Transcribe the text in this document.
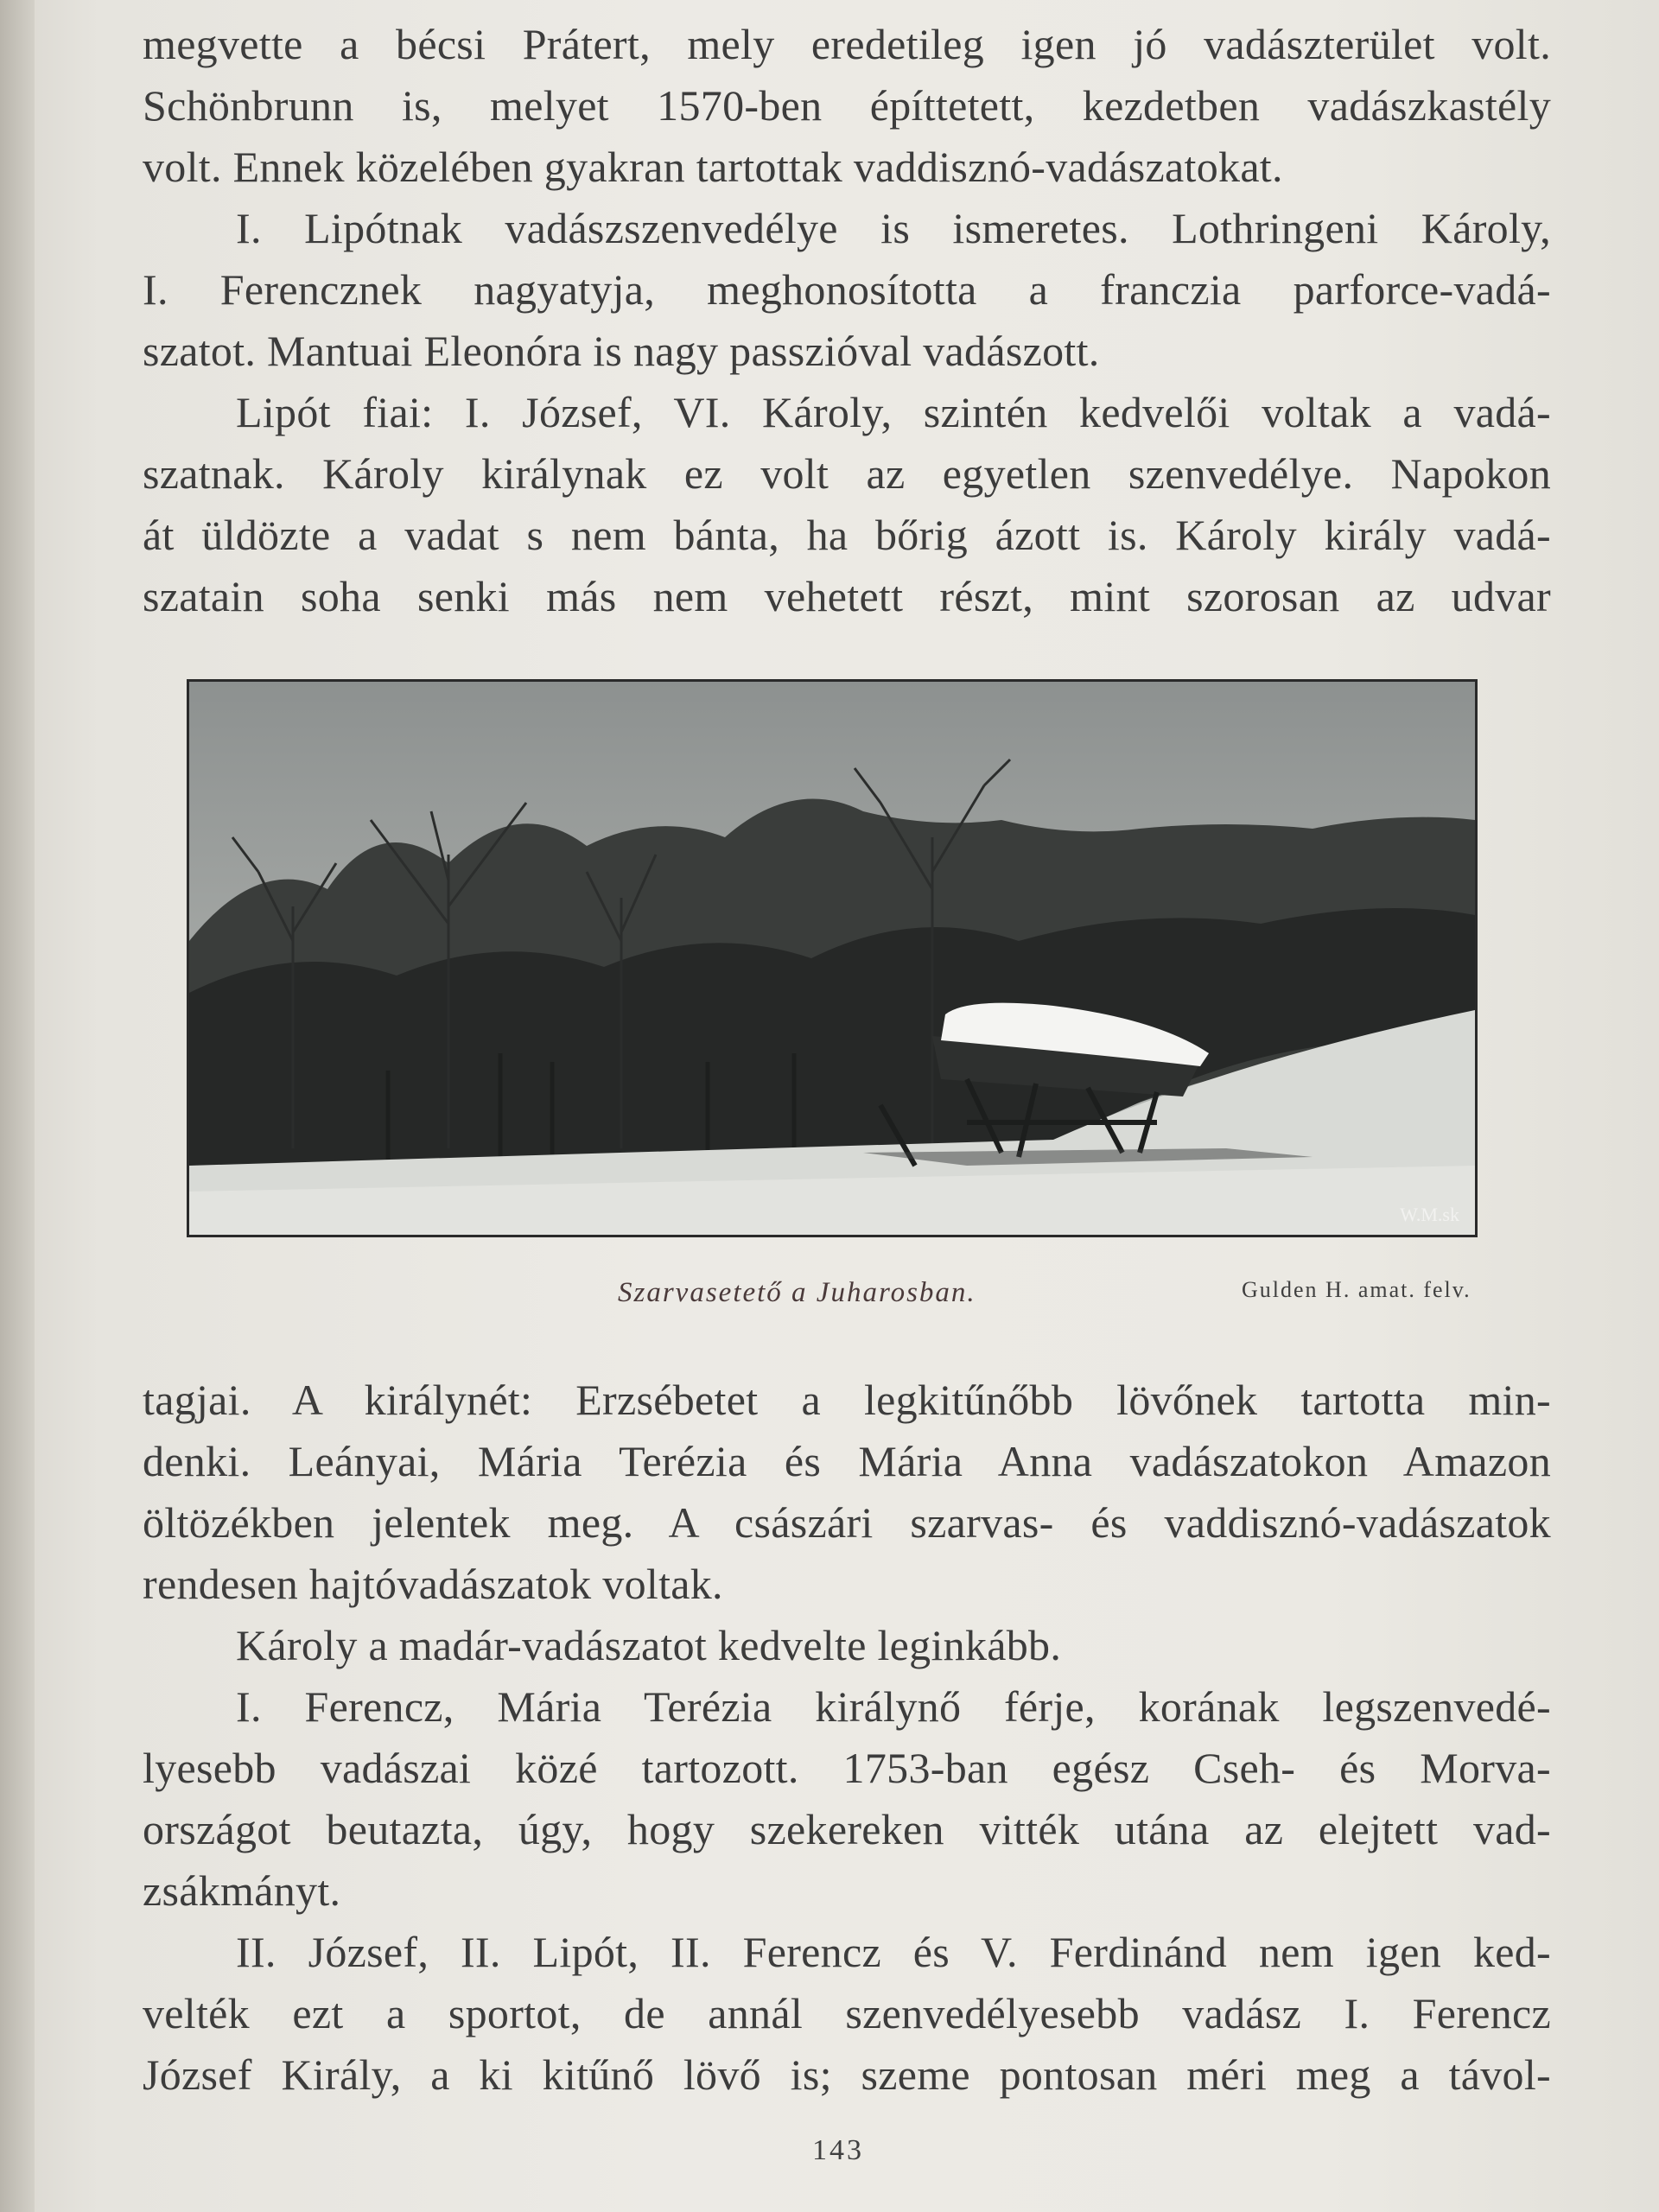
megvette a bécsi Prátert, mely eredetileg igen jó vadászterület volt.
Schönbrunn is, melyet 1570-ben építtetett, kezdetben vadászkastély
volt. Ennek közelében gyakran tartottak vaddisznó-vadászatokat.
I. Lipótnak vadászszenvedélye is ismeretes. Lothringeni Károly,
I. Ferencznek nagyatyja, meghonosította a franczia parforce-vadá-
szatot. Mantuai Eleonóra is nagy passzióval vadászott.
Lipót fiai: I. József, VI. Károly, szintén kedvelői voltak a vadá-
szatnak. Károly királynak ez volt az egyetlen szenvedélye. Napokon
át üldözte a vadat s nem bánta, ha bőrig ázott is. Károly király vadá-
szatain soha senki más nem vehetett részt, mint szorosan az udvar
W.M.sk
Szarvasetető a Juharosban.	Gulden H. amat. felv.
tagjai. A királynét: Erzsébetet a legkitűnőbb lövőnek tartotta min-
denki. Leányai, Mária Terézia és Mária Anna vadászatokon Amazon
öltözékben jelentek meg. A császári szarvas- és vaddisznó-vadászatok
rendesen hajtóvadászatok voltak.
Károly a madár-vadászatot kedvelte leginkább.
I. Ferencz, Mária Terézia királynő férje, korának legszenvedé-
lyesebb vadászai közé tartozott. 1753-ban egész Cseh- és Morva-
országot beutazta, úgy, hogy szekereken vitték utána az elejtett vad-
zsákmányt.
II. József, II. Lipót, II. Ferencz és V. Ferdinánd nem igen ked-
velték ezt a sportot, de annál szenvedélyesebb vadász I. Ferencz
József Király, a ki kitűnő lövő is; szeme pontosan méri meg a távol-
143
